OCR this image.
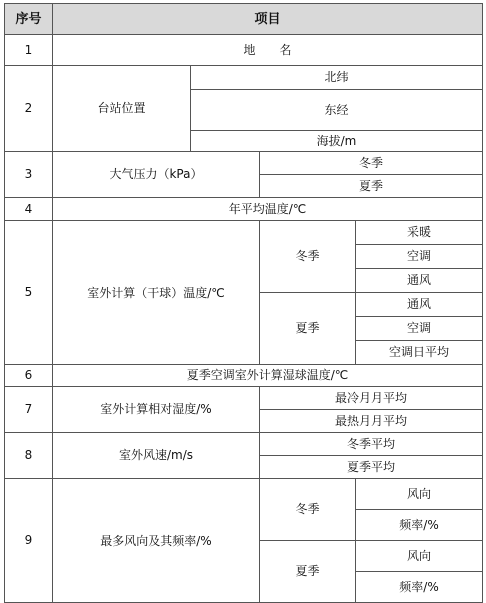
序号	项目	
1	地　　名	
2	台站位置	北纬	
		东经	
		海拔/m	
3	大气压力（kPa）		冬季	
			夏季	
4	年平均温度/℃	
5	室外计算（干球）温度/℃		冬季	采暖	
				空调	
				通风	
			夏季	通风	
				空调	
				空调日平均	
6	夏季空调室外计算湿球温度/℃	
7	室外计算相对湿度/%		最冷月月平均	
			最热月月平均	
8	室外风速/m/s		冬季平均	
			夏季平均	
9	最多风向及其频率/%		冬季	风向	
				频率/%	
			夏季	风向	
				频率/%	
